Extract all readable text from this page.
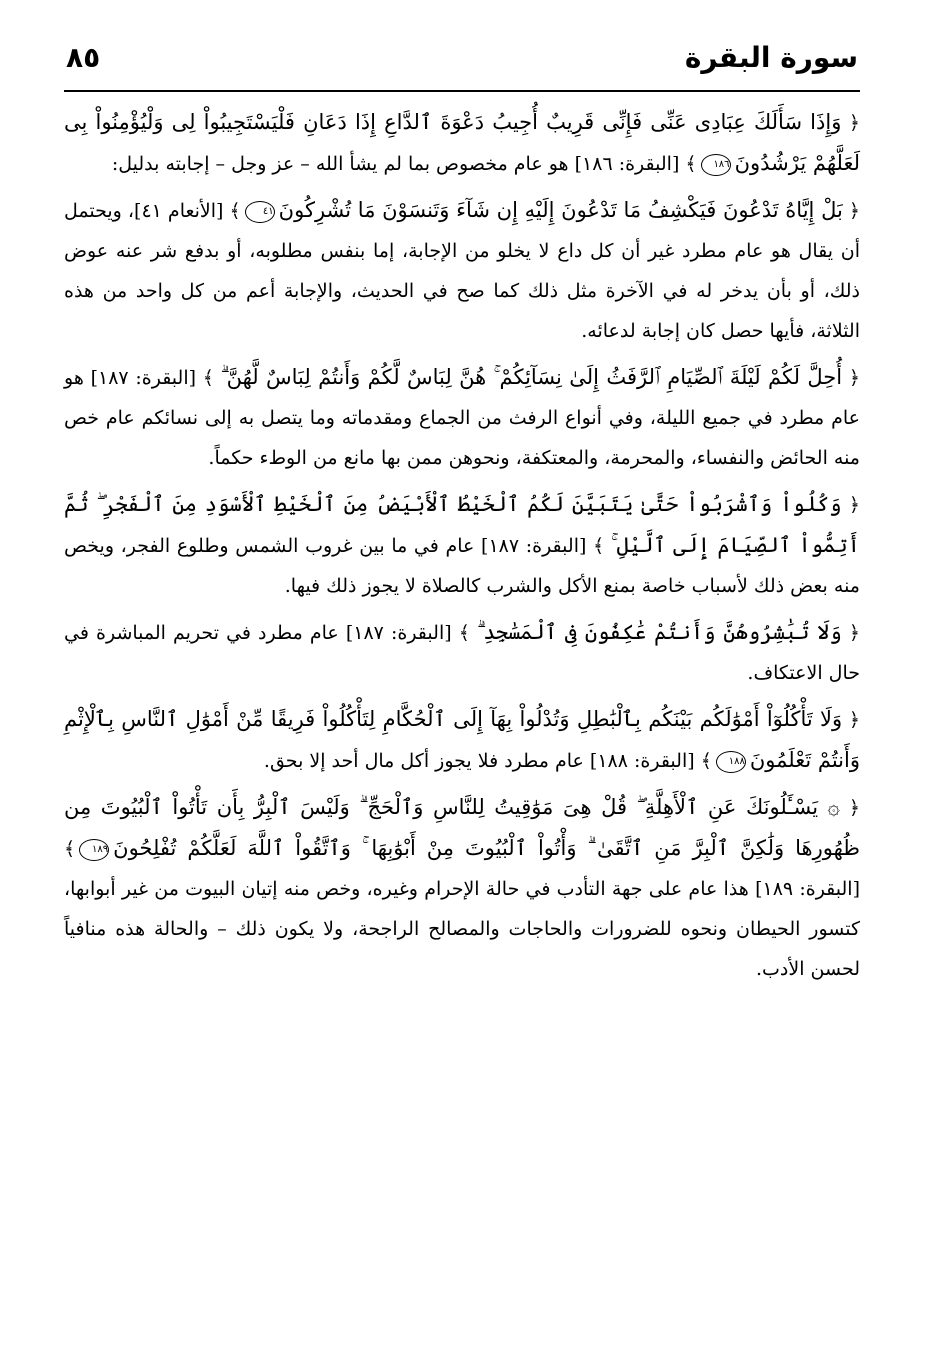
سورة البقرة
٨٥

﴿ وَإِذَا سَأَلَكَ عِبَادِى عَنِّى فَإِنِّى قَرِيبٌ أُجِيبُ دَعْوَةَ ٱلدَّاعِ إِذَا دَعَانِ فَلْيَسْتَجِيبُواْ لِى وَلْيُؤْمِنُواْ بِى لَعَلَّهُمْ يَرْشُدُونَ١٨٦﴾ [البقرة: ١٨٦] هو عام مخصوص بما لم يشأ الله – عز وجل – إجابته بدليل:

﴿ بَلْ إِيَّاهُ تَدْعُونَ فَيَكْشِفُ مَا تَدْعُونَ إِلَيْهِ إِن شَآءَ وَتَنسَوْنَ مَا تُشْرِكُونَ٤١﴾ [الأنعام ٤١]، ويحتمل أن يقال هو عام مطرد غير أن كل داع لا يخلو من الإجابة، إما بنفس مطلوبه، أو بدفع شر عنه عوض ذلك، أو بأن يدخر له في الآخرة مثل ذلك كما صح في الحديث، والإجابة أعم من كل واحد من هذه الثلاثة، فأيها حصل كان إجابة لدعائه.

﴿ أُحِلَّ لَكُمْ لَيْلَةَ ٱلصِّيَامِ ٱلرَّفَثُ إِلَىٰ نِسَآئِكُمْ ۚ هُنَّ لِبَاسٌ لَّكُمْ وَأَنتُمْ لِبَاسٌ لَّهُنَّ ۗ ﴾ [البقرة: ١٨٧] هو عام مطرد في جميع الليلة، وفي أنواع الرفث من الجماع ومقدماته وما يتصل به إلى نسائكم عام خص منه الحائض والنفساء، والمحرمة، والمعتكفة، ونحوهن ممن بها مانع من الوطء حكماً.

﴿ وَكُلُواْ وَٱشْرَبُواْ حَتَّىٰ يَتَبَيَّنَ لَكُمُ ٱلْخَيْطُ ٱلْأَبْيَضُ مِنَ ٱلْخَيْطِ ٱلْأَسْوَدِ مِنَ ٱلْفَجْرِ ۖ ثُمَّ أَتِمُّواْ ٱلصِّيَامَ إِلَى ٱلَّيْلِ ۚ ﴾ [البقرة: ١٨٧] عام في ما بين غروب الشمس وطلوع الفجر، ويخص منه بعض ذلك لأسباب خاصة بمنع الأكل والشرب كالصلاة لا يجوز ذلك فيها.

﴿ وَلَا تُبَٰشِرُوهُنَّ وَأَنتُمْ عَٰكِفُونَ فِى ٱلْمَسَٰجِدِ ۗ ﴾ [البقرة: ١٨٧] عام مطرد في تحريم المباشرة في حال الاعتكاف.

﴿ وَلَا تَأْكُلُوٓاْ أَمْوَٰلَكُم بَيْنَكُم بِٱلْبَٰطِلِ وَتُدْلُواْ بِهَآ إِلَى ٱلْحُكَّامِ لِتَأْكُلُواْ فَرِيقًا مِّنْ أَمْوَٰلِ ٱلنَّاسِ بِٱلْإِثْمِ وَأَنتُمْ تَعْلَمُونَ١٨٨﴾ [البقرة: ١٨٨] عام مطرد فلا يجوز أكل مال أحد إلا بحق.

﴿ ۞ يَسْـَٔلُونَكَ عَنِ ٱلْأَهِلَّةِ ۖ قُلْ هِىَ مَوَٰقِيتُ لِلنَّاسِ وَٱلْحَجِّ ۗ وَلَيْسَ ٱلْبِرُّ بِأَن تَأْتُواْ ٱلْبُيُوتَ مِن ظُهُورِهَا وَلَٰكِنَّ ٱلْبِرَّ مَنِ ٱتَّقَىٰ ۗ وَأْتُواْ ٱلْبُيُوتَ مِنْ أَبْوَٰبِهَا ۚ وَٱتَّقُواْ ٱللَّهَ لَعَلَّكُمْ تُفْلِحُونَ١٨٩﴾ [البقرة: ١٨٩] هذا عام على جهة التأدب في حالة الإحرام وغيره، وخص منه إتيان البيوت من غير أبوابها، كتسور الحيطان ونحوه للضرورات والحاجات والمصالح الراجحة، ولا يكون ذلك – والحالة هذه منافياً لحسن الأدب.
